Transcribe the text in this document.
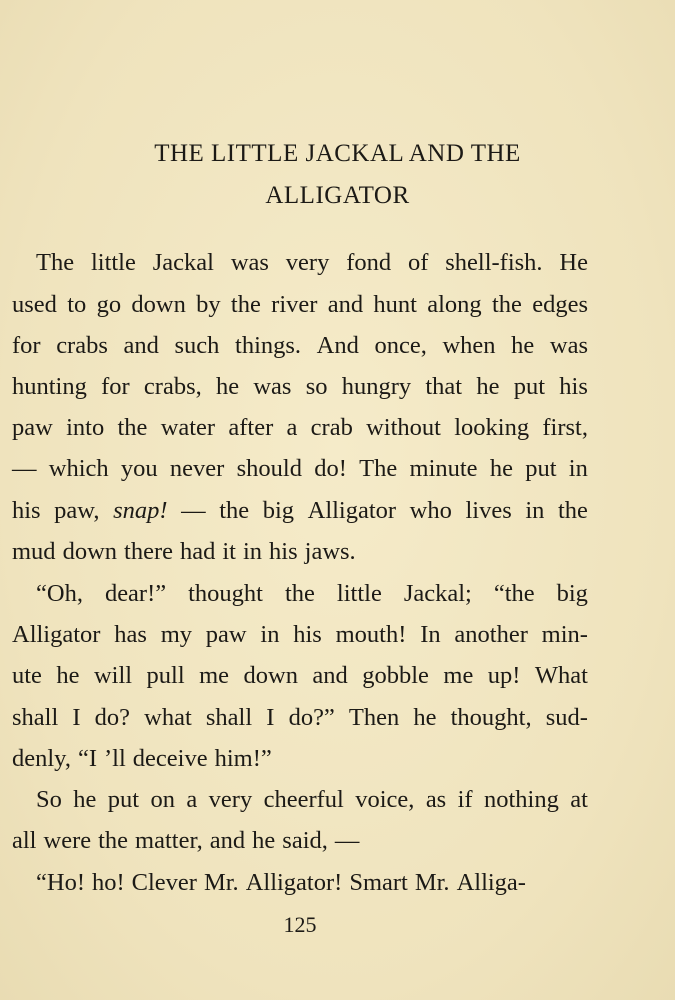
THE LITTLE JACKAL AND THE
ALLIGATOR
The little Jackal was very fond of shell-fish. He
used to go down by the river and hunt along the edges
for crabs and such things. And once, when he was
hunting for crabs, he was so hungry that he put his
paw into the water after a crab without looking first,
— which you never should do! The minute he put in
his paw, snap! — the big Alligator who lives in the
mud down there had it in his jaws.
“Oh, dear!” thought the little Jackal; “the big
Alligator has my paw in his mouth! In another min-
ute he will pull me down and gobble me up! What
shall I do? what shall I do?” Then he thought, sud-
denly, “I ’ll deceive him!”
So he put on a very cheerful voice, as if nothing at
all were the matter, and he said, —
“Ho! ho! Clever Mr. Alligator! Smart Mr. Alliga-
125
